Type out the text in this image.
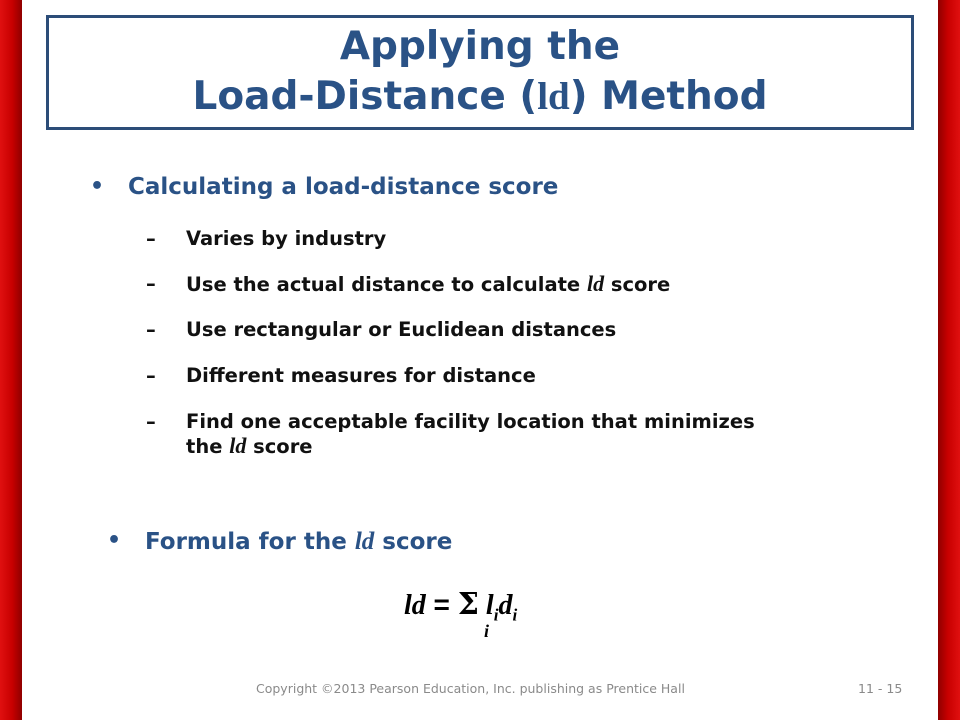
Applying the
Load-Distance (ld) Method
• Calculating a load-distance score
– Varies by industry
– Use the actual distance to calculate ld score
– Use rectangular or Euclidean distances
– Different measures for distance
– Find one acceptable facility location that minimizes
the ld score
• Formula for the ld score
ld = Σ $l_id_i$
i
Copyright ©2013 Pearson Education, Inc. publishing as Prentice Hall	11 - 15
